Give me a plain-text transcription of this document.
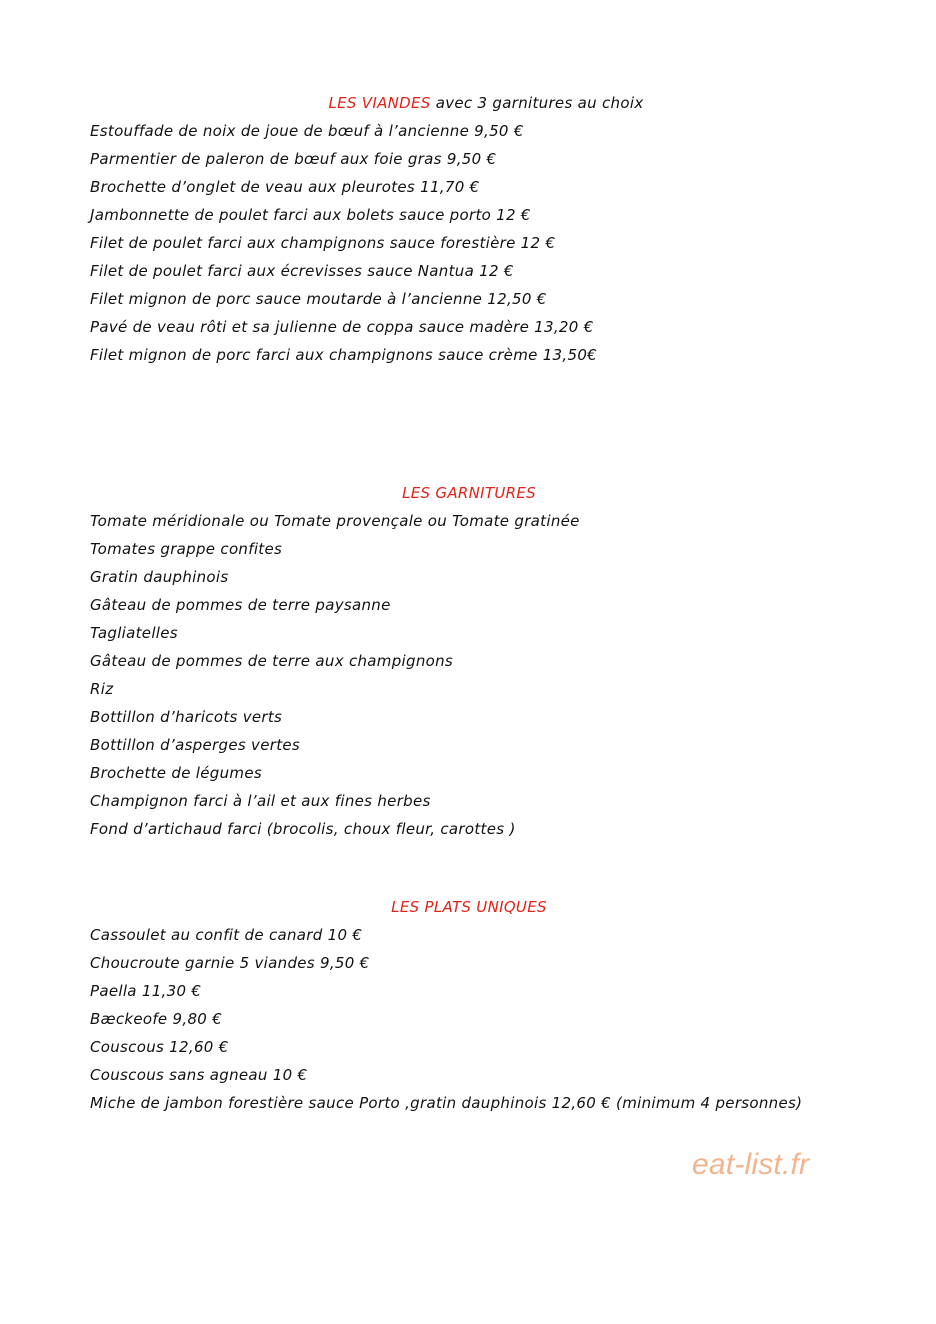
LES VIANDES avec 3 garnitures au choix
Estouffade de noix de joue de bœuf à l’ancienne 9,50 €
Parmentier de paleron de bœuf aux foie gras 9,50 €
Brochette d’onglet de veau aux pleurotes 11,70 €
Jambonnette de poulet farci aux bolets sauce porto 12 €
Filet de poulet farci aux champignons sauce forestière 12 €
Filet de poulet farci aux écrevisses sauce Nantua 12 €
Filet mignon de porc sauce moutarde à l’ancienne 12,50 €
Pavé de veau rôti et sa julienne de coppa sauce madère 13,20 €
Filet mignon de porc farci aux champignons sauce crème 13,50€
LES GARNITURES
Tomate méridionale ou Tomate provençale ou Tomate gratinée
Tomates grappe confites
Gratin dauphinois
Gâteau de pommes de terre paysanne
Tagliatelles
Gâteau de pommes de terre aux champignons
Riz
Bottillon d’haricots verts
Bottillon d’asperges vertes
Brochette de légumes
Champignon farci à l’ail et aux fines herbes
Fond d’artichaud farci (brocolis, choux fleur, carottes )
LES PLATS UNIQUES
Cassoulet au confit de canard 10 €
Choucroute garnie 5 viandes 9,50 €
Paella 11,30 €
Bæckeofe 9,80 €
Couscous 12,60 €
Couscous sans agneau 10 €
Miche de jambon forestière sauce Porto ,gratin dauphinois 12,60 € (minimum 4 personnes)
eat-list.fr
